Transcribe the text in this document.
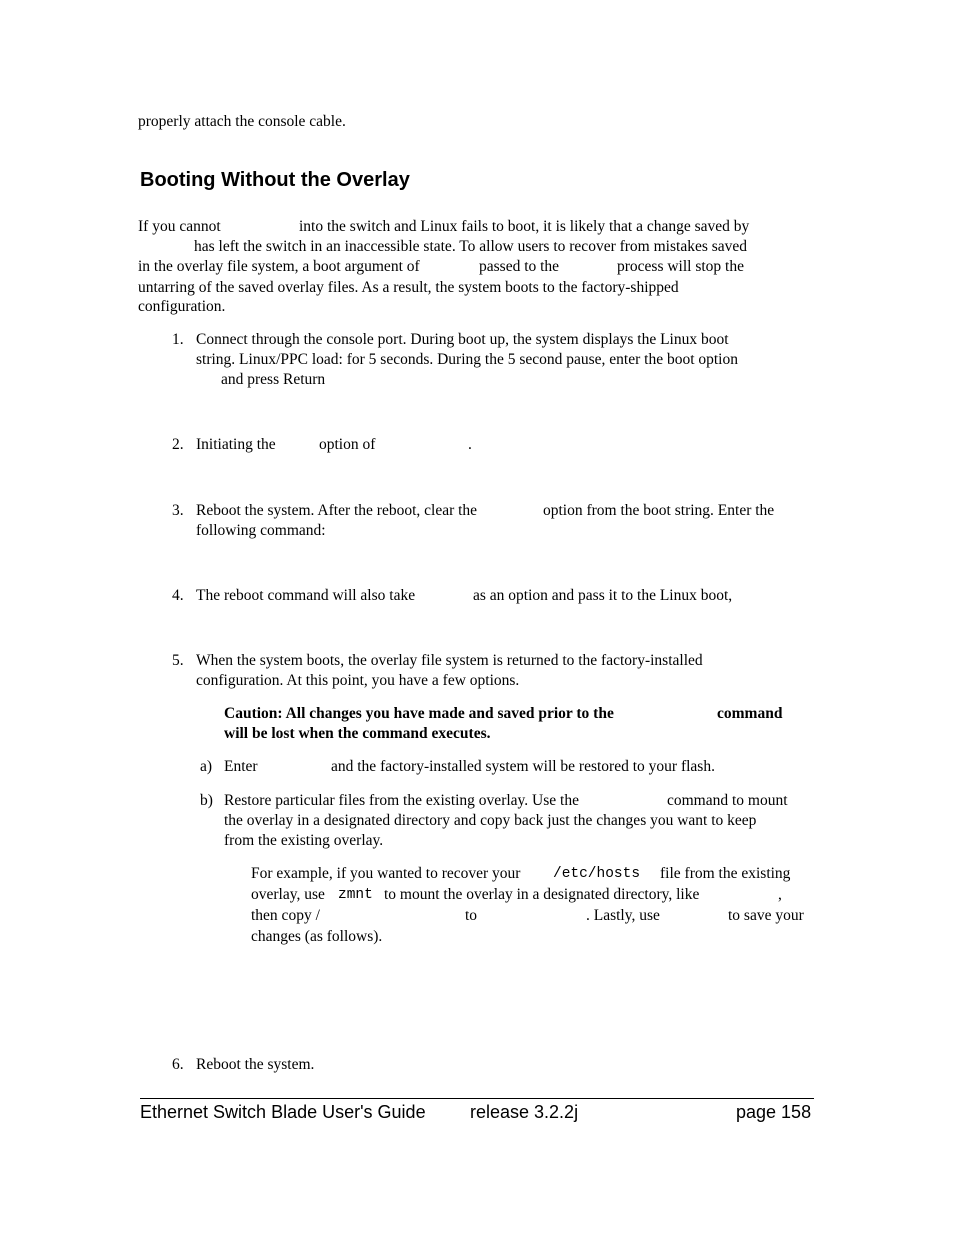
properly attach the console cable.
Booting Without the Overlay
If you cannot	into the switch and Linux fails to boot, it is likely that a change saved by
has left the switch in an inaccessible state. To allow users to recover from mistakes saved
in the overlay file system, a boot argument of	passed to the	process will stop the
untarring of the saved overlay files. As a result, the system boots to the factory-shipped
configuration.
1. Connect through the console port. During boot up, the system displays the Linux boot
string. Linux/PPC load: for 5 seconds. During the 5 second pause, enter the boot option
and press Return
2. Initiating the	option of	.
3. Reboot the system. After the reboot, clear the	option from the boot string. Enter the
following command:
4. The reboot command will also take	as an option and pass it to the Linux boot,
5. When the system boots, the overlay file system is returned to the factory-installed
configuration. At this point, you have a few options.
Caution: All changes you have made and saved prior to the	command
will be lost when the command executes.
a) Enter	and the factory-installed system will be restored to your flash.
b) Restore particular files from the existing overlay. Use the	command to mount
the overlay in a designated directory and copy back just the changes you want to keep
from the existing overlay.
For example, if you wanted to recover your /etc/hosts file from the existing
overlay, use zmnt to mount the overlay in a designated directory, like	,
then copy /	to	. Lastly, use	to save your
changes (as follows).
6. Reboot the system.
Ethernet Switch Blade User's Guide release 3.2.2j	page 158
